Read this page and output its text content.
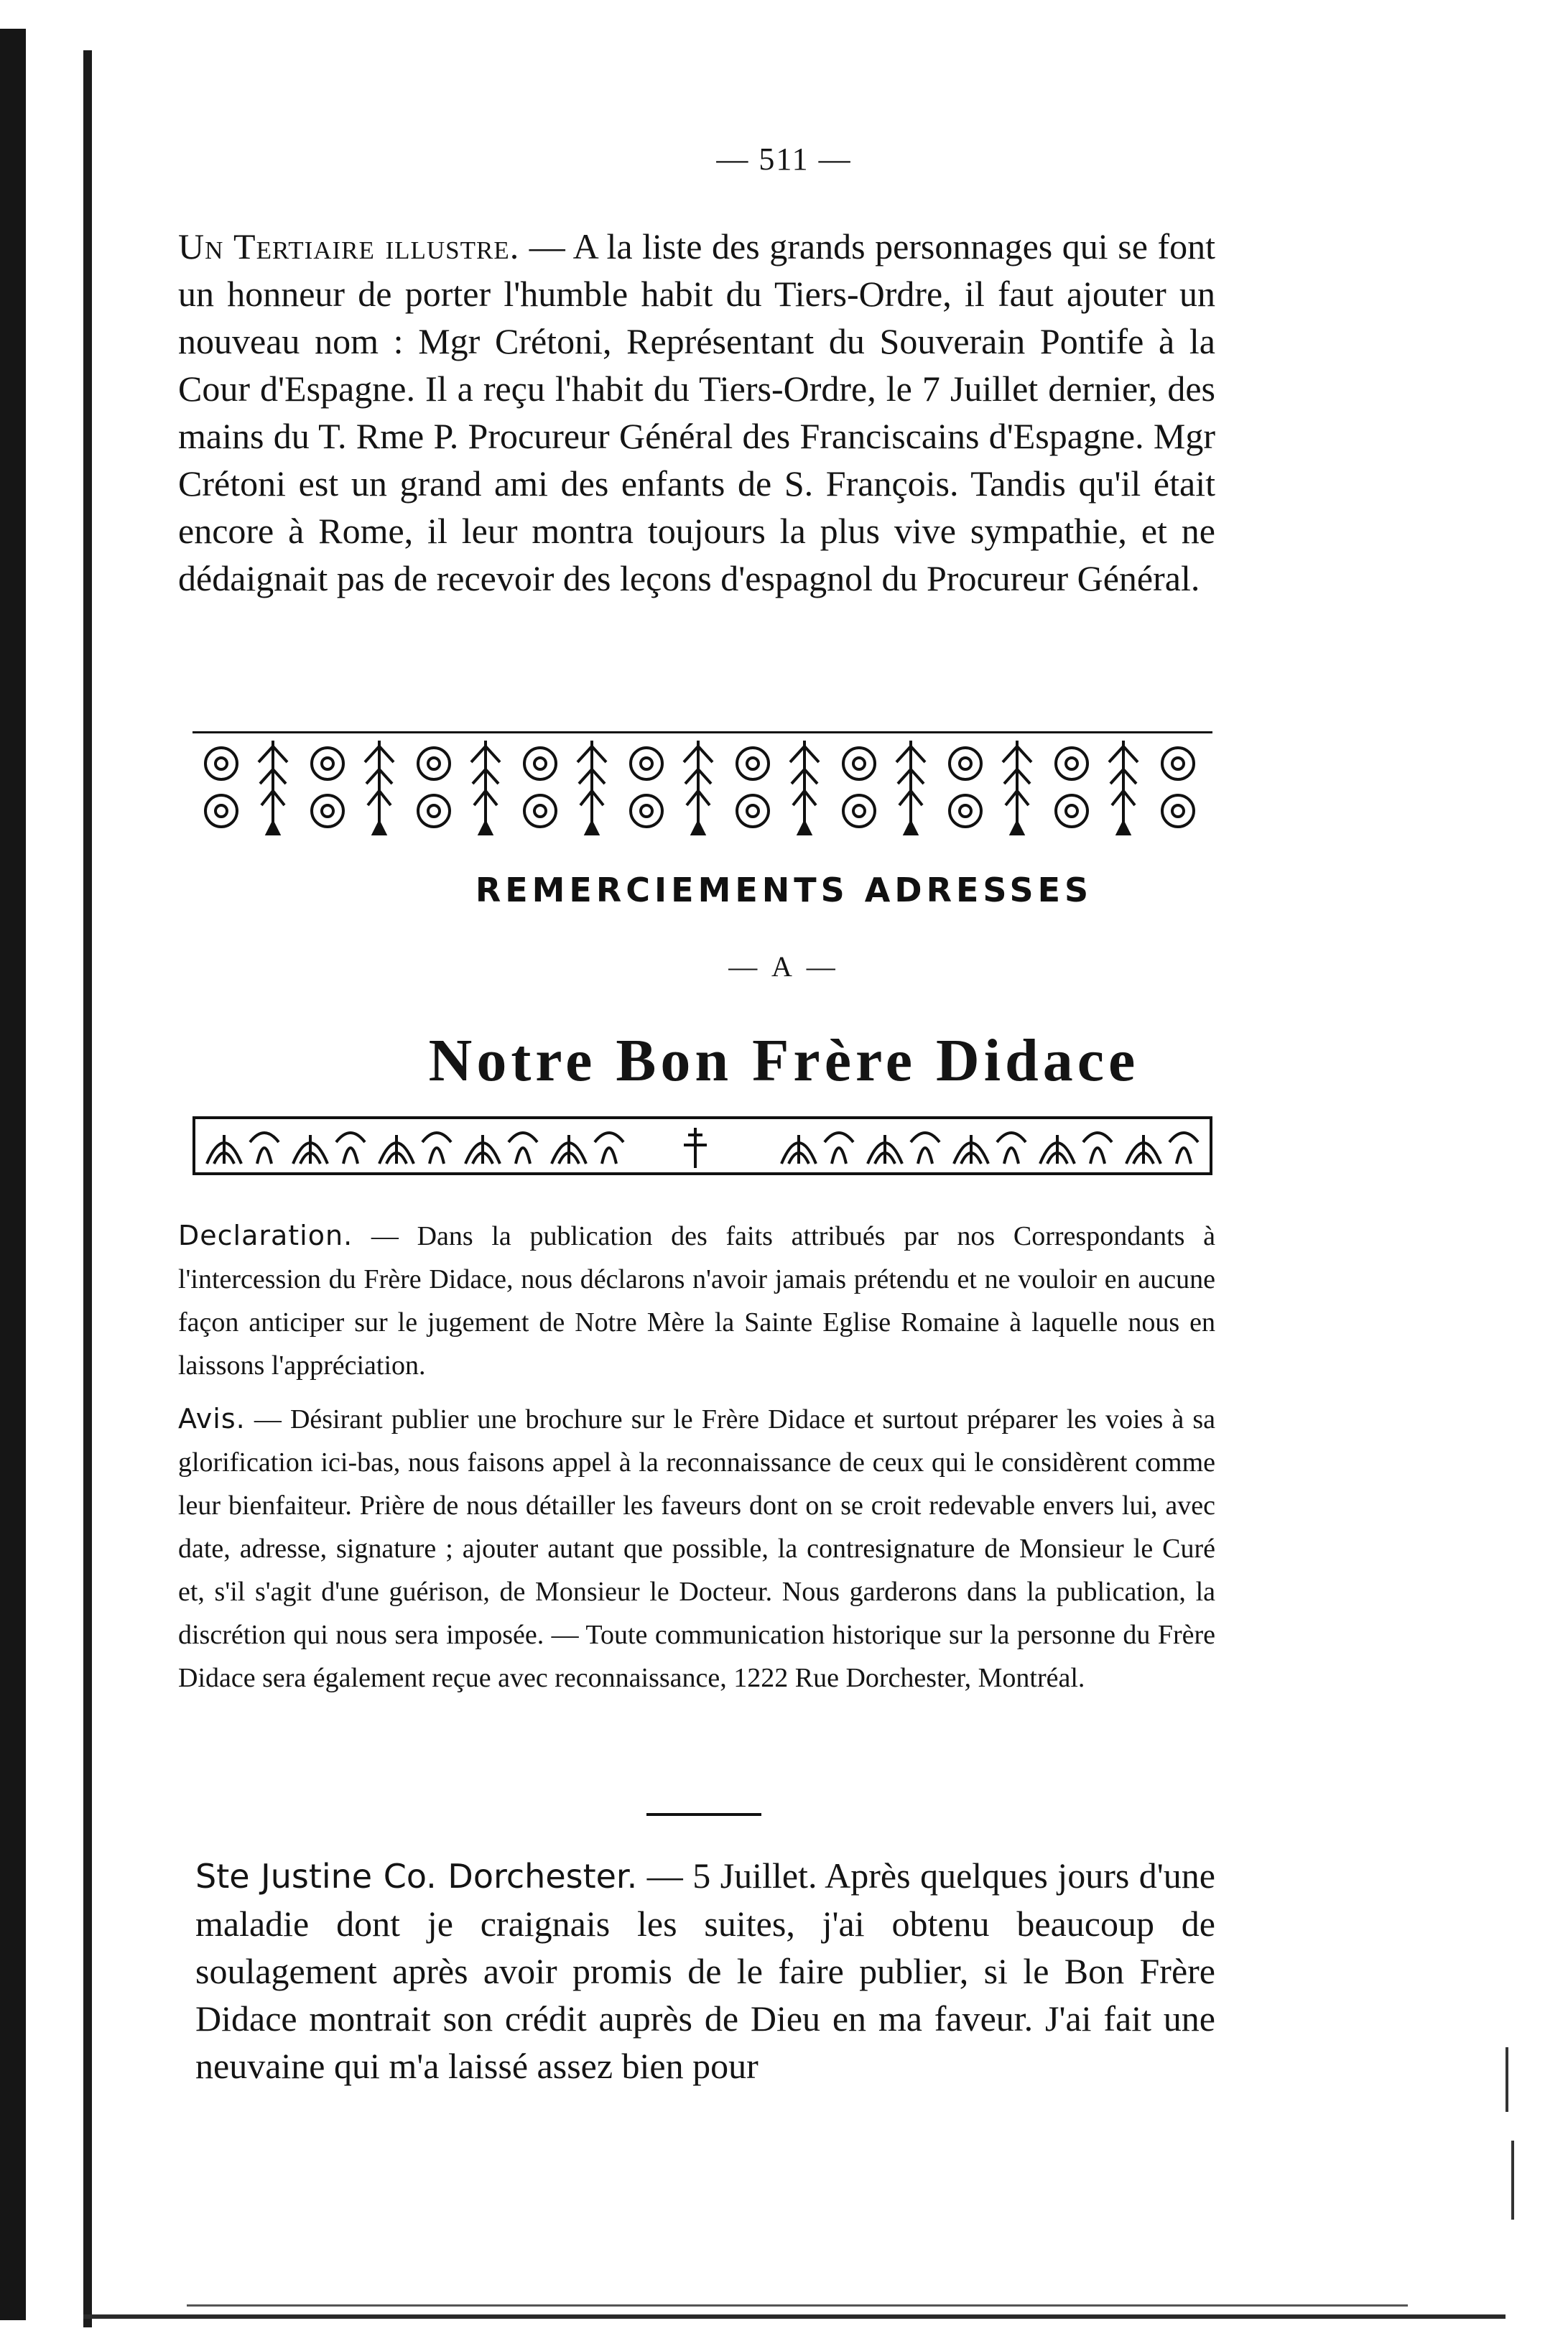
— 511 —

Un Tertiaire illustre. — A la liste des grands personnages qui se font un honneur de porter l'humble habit du Tiers-Ordre, il faut ajouter un nouveau nom : Mgr Crétoni, Représentant du Souverain Pontife à la Cour d'Espagne. Il a reçu l'habit du Tiers-Ordre, le 7 Juillet dernier, des mains du T. Rme P. Procureur Général des Franciscains d'Espagne. Mgr Crétoni est un grand ami des enfants de S. François. Tandis qu'il était encore à Rome, il leur montra toujours la plus vive sympathie, et ne dédaignait pas de recevoir des leçons d'espagnol du Procureur Général.

REMERCIEMENTS ADRESSES
— A —
Notre Bon Frère Didace

Declaration. — Dans la publication des faits attribués par nos Correspondants à l'intercession du Frère Didace, nous déclarons n'avoir jamais prétendu et ne vouloir en aucune façon anticiper sur le jugement de Notre Mère la Sainte Eglise Romaine à laquelle nous en laissons l'appréciation.

Avis. — Désirant publier une brochure sur le Frère Didace et surtout préparer les voies à sa glorification ici-bas, nous faisons appel à la reconnaissance de ceux qui le considèrent comme leur bienfaiteur. Prière de nous détailler les faveurs dont on se croit redevable envers lui, avec date, adresse, signature ; ajouter autant que possible, la contresignature de Monsieur le Curé et, s'il s'agit d'une guérison, de Monsieur le Docteur. Nous garderons dans la publication, la discrétion qui nous sera imposée. — Toute communication historique sur la personne du Frère Didace sera également reçue avec reconnaissance, 1222 Rue Dorchester, Montréal.

Ste Justine Co. Dorchester. — 5 Juillet. Après quelques jours d'une maladie dont je craignais les suites, j'ai obtenu beaucoup de soulagement après avoir promis de le faire publier, si le Bon Frère Didace montrait son crédit auprès de Dieu en ma faveur. J'ai fait une neuvaine qui m'a laissé assez bien pour
